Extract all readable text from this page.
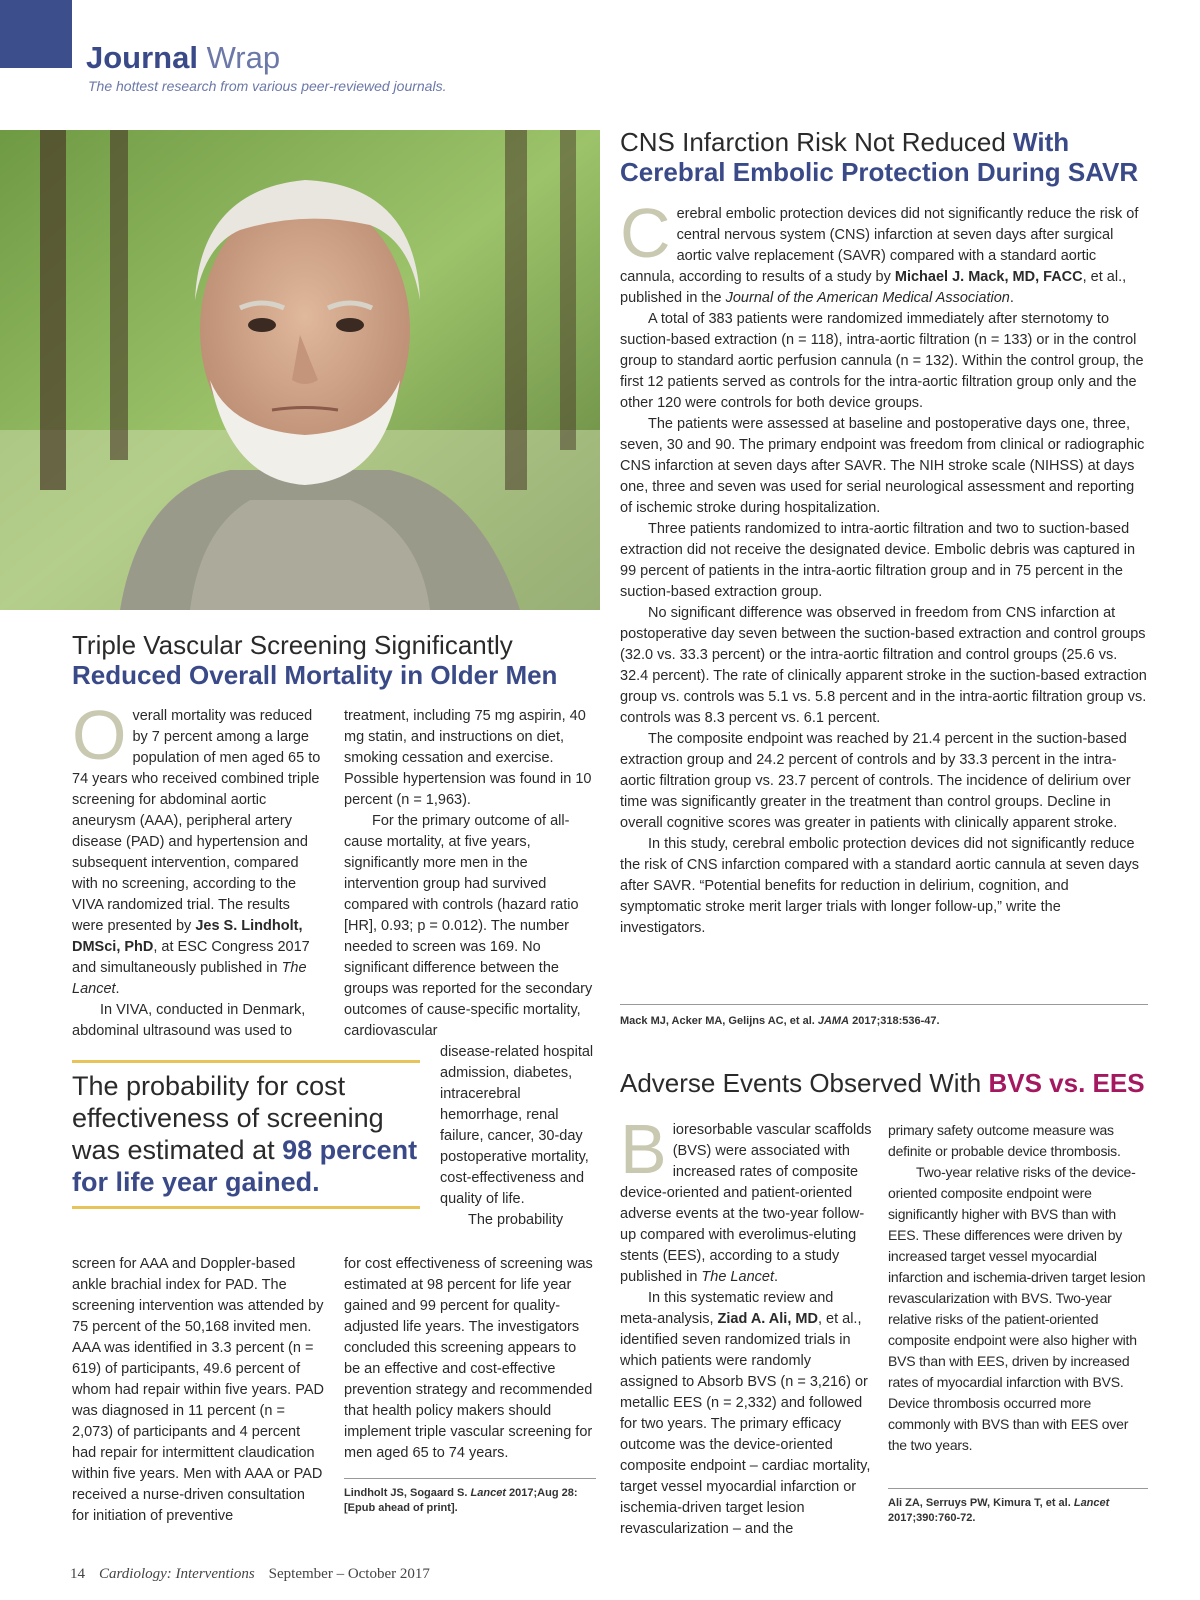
Journal Wrap
The hottest research from various peer-reviewed journals.
Triple Vascular Screening Significantly
Reduced Overall Mortality in Older Men

Overall mortality was reduced by 7 percent among a large population of men aged 65 to 74 years who received combined triple screening for abdominal aortic aneurysm (AAA), peripheral artery disease (PAD) and hypertension and subsequent intervention, compared with no screening, according to the VIVA randomized trial. The results were presented by Jes S. Lindholt, DMSci, PhD, at ESC Congress 2017 and simultaneously published in The Lancet.

In VIVA, conducted in Denmark, abdominal ultrasound was used to

treatment, including 75 mg aspirin, 40 mg statin, and instructions on diet, smoking cessation and exercise. Possible hypertension was found in 10 percent (n = 1,963).

For the primary outcome of all-cause mortality, at five years, significantly more men in the intervention group had survived compared with controls (hazard ratio [HR], 0.93; p = 0.012). The number needed to screen was 169. No significant difference between the groups was reported for the secondary outcomes of cause-specific mortality, cardiovascular

disease-related hospital admission, diabetes, intracerebral hemorrhage, renal failure, cancer, 30-day postoperative mortality, cost-effectiveness and quality of life.

The probability

The probability for cost effectiveness of screening was estimated at 98 percent for life year gained.

screen for AAA and Doppler-based ankle brachial index for PAD. The screening intervention was attended by 75 percent of the 50,168 invited men. AAA was identified in 3.3 percent (n = 619) of participants, 49.6 percent of whom had repair within five years. PAD was diagnosed in 11 percent (n = 2,073) of participants and 4 percent had repair for intermittent claudication within five years. Men with AAA or PAD received a nurse-driven consultation for initiation of preventive

for cost effectiveness of screening was estimated at 98 percent for life year gained and 99 percent for quality-adjusted life years. The investigators concluded this screening appears to be an effective and cost-effective prevention strategy and recommended that health policy makers should implement triple vascular screening for men aged 65 to 74 years.

Lindholt JS, Sogaard S. Lancet 2017;Aug 28:[Epub ahead of print].
CNS Infarction Risk Not Reduced With Cerebral Embolic Protection During SAVR

Cerebral embolic protection devices did not significantly reduce the risk of central nervous system (CNS) infarction at seven days after surgical aortic valve replacement (SAVR) compared with a standard aortic cannula, according to results of a study by Michael J. Mack, MD, FACC, et al., published in the Journal of the American Medical Association.

A total of 383 patients were randomized immediately after sternotomy to suction-based extraction (n = 118), intra-aortic filtration (n = 133) or in the control group to standard aortic perfusion cannula (n = 132). Within the control group, the first 12 patients served as controls for the intra-aortic filtration group only and the other 120 were controls for both device groups.

The patients were assessed at baseline and postoperative days one, three, seven, 30 and 90. The primary endpoint was freedom from clinical or radiographic CNS infarction at seven days after SAVR. The NIH stroke scale (NIHSS) at days one, three and seven was used for serial neurological assessment and reporting of ischemic stroke during hospitalization.

Three patients randomized to intra-aortic filtration and two to suction-based extraction did not receive the designated device. Embolic debris was captured in 99 percent of patients in the intra-aortic filtration group and in 75 percent in the suction-based extraction group.

No significant difference was observed in freedom from CNS infarction at postoperative day seven between the suction-based extraction and control groups (32.0 vs. 33.3 percent) or the intra-aortic filtration and control groups (25.6 vs. 32.4 percent). The rate of clinically apparent stroke in the suction-based extraction group vs. controls was 5.1 vs. 5.8 percent and in the intra-aortic filtration group vs. controls was 8.3 percent vs. 6.1 percent.

The composite endpoint was reached by 21.4 percent in the suction-based extraction group and 24.2 percent of controls and by 33.3 percent in the intra-aortic filtration group vs. 23.7 percent of controls. The incidence of delirium over time was significantly greater in the treatment than control groups. Decline in overall cognitive scores was greater in patients with clinically apparent stroke.

In this study, cerebral embolic protection devices did not significantly reduce the risk of CNS infarction compared with a standard aortic cannula at seven days after SAVR. “Potential benefits for reduction in delirium, cognition, and symptomatic stroke merit larger trials with longer follow-up,” write the investigators.

Mack MJ, Acker MA, Gelijns AC, et al. JAMA 2017;318:536-47.
Adverse Events Observed With BVS vs. EES

Bioresorbable vascular scaffolds (BVS) were associated with increased rates of composite device-oriented and patient-oriented adverse events at the two-year follow-up compared with everolimus-eluting stents (EES), according to a study published in The Lancet.

In this systematic review and meta-analysis, Ziad A. Ali, MD, et al., identified seven randomized trials in which patients were randomly assigned to Absorb BVS (n = 3,216) or metallic EES (n = 2,332) and followed for two years. The primary efficacy outcome was the device-oriented composite endpoint – cardiac mortality, target vessel myocardial infarction or ischemia-driven target lesion revascularization – and the

primary safety outcome measure was definite or probable device thrombosis.

Two-year relative risks of the device-oriented composite endpoint were significantly higher with BVS than with EES. These differences were driven by increased target vessel myocardial infarction and ischemia-driven target lesion revascularization with BVS. Two-year relative risks of the patient-oriented composite endpoint were also higher with BVS than with EES, driven by increased rates of myocardial infarction with BVS. Device thrombosis occurred more commonly with BVS than with EES over the two years.

Ali ZA, Serruys PW, Kimura T, et al. Lancet 2017;390:760-72.
14 Cardiology: Interventions September – October 2017
